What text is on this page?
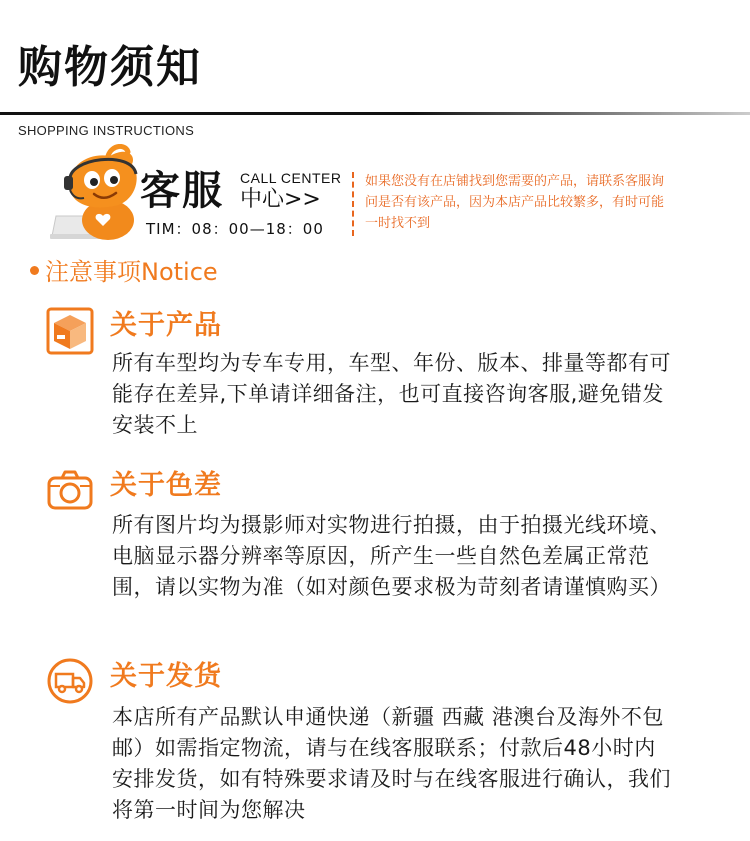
购物须知
SHOPPING INSTRUCTIONS
客服 CALL CENTER
中心>>
TIM：08：00—18：00
如果您没有在店铺找到您需要的产品，请联系客服询问是否有该产品，因为本店产品比较繁多，有时可能一时找不到
注意事项Notice
关于产品
所有车型均为专车专用，车型、年份、版本、排量等都有可能存在差异,下单请详细备注，也可直接咨询客服,避免错发安装不上
关于色差
所有图片均为摄影师对实物进行拍摄，由于拍摄光线环境、电脑显示器分辨率等原因，所产生一些自然色差属正常范围，请以实物为准（如对颜色要求极为苛刻者请谨慎购买）
关于发货
本店所有产品默认申通快递（新疆 西藏 港澳台及海外不包邮）如需指定物流，请与在线客服联系；付款后48小时内安排发货，如有特殊要求请及时与在线客服进行确认，我们将第一时间为您解决
